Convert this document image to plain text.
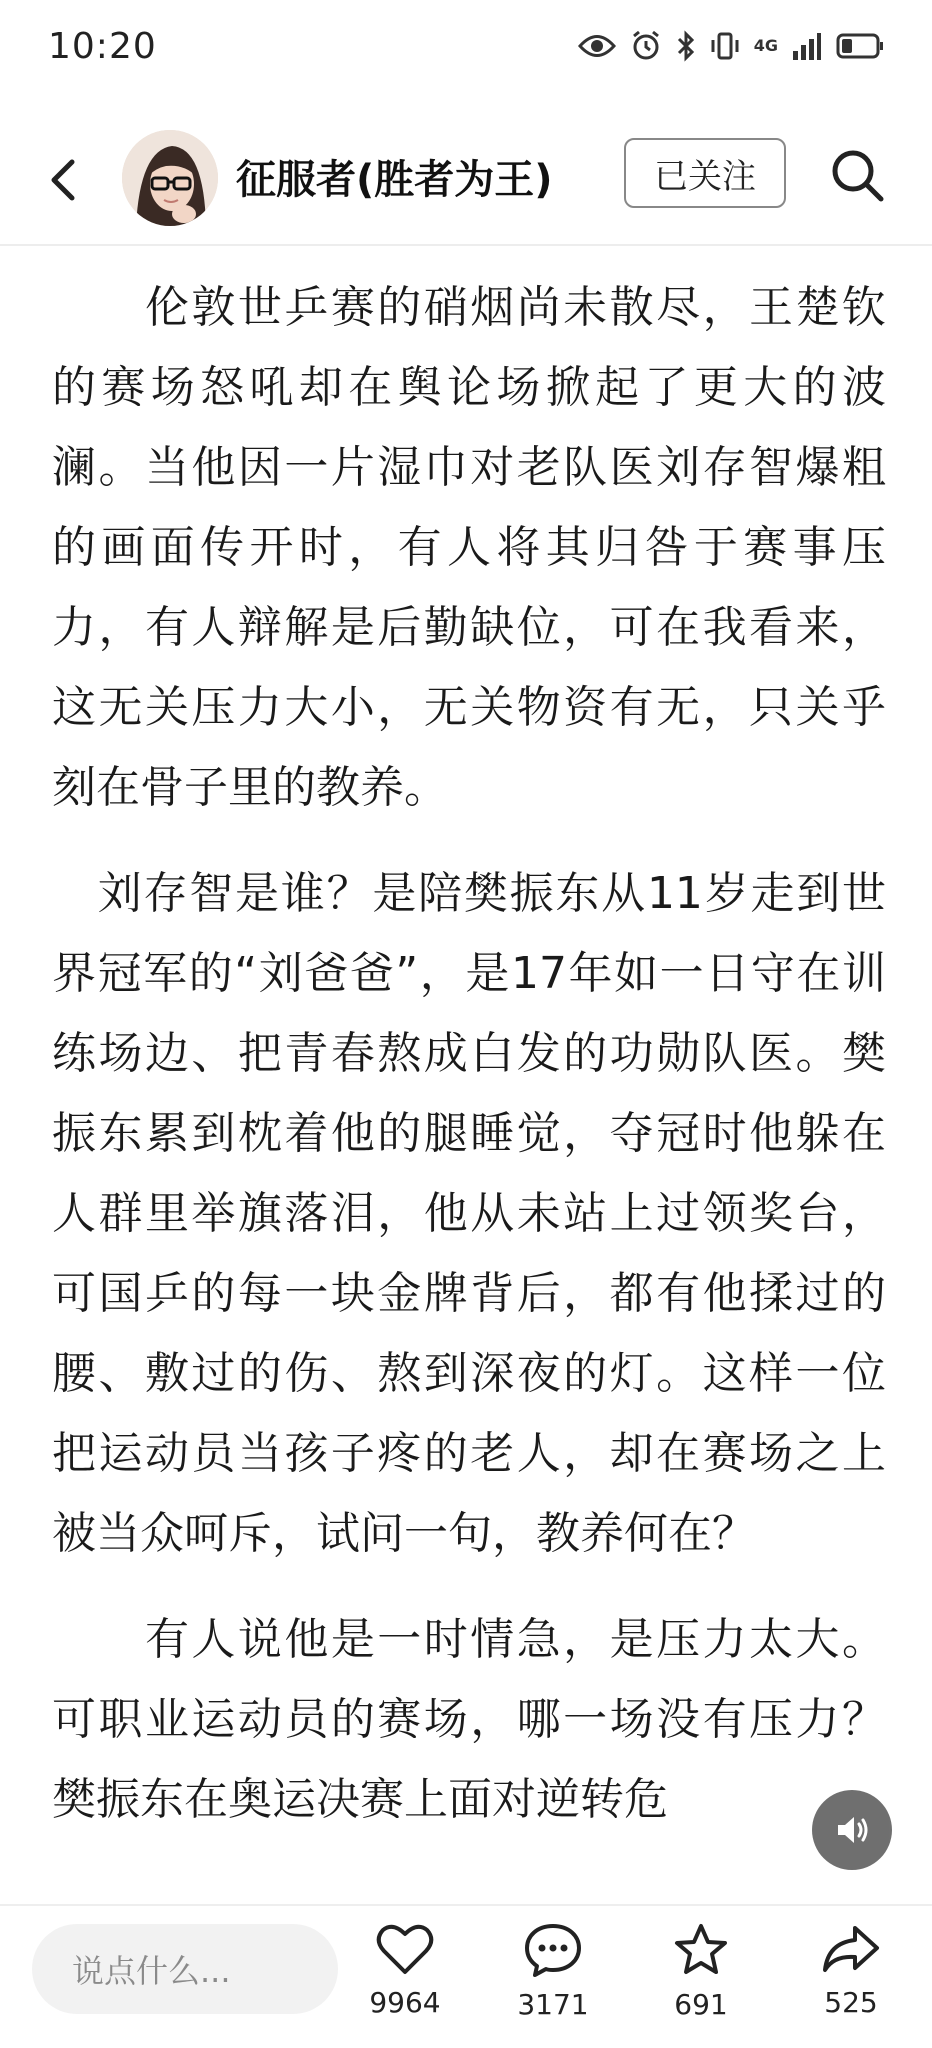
10:20	4G
征服者(胜者为王)	已关注

　　伦敦世乒赛的硝烟尚未散尽，王楚钦的赛场怒吼却在舆论场掀起了更大的波澜。当他因一片湿巾对老队医刘存智爆粗的画面传开时，有人将其归咎于赛事压力，有人辩解是后勤缺位，可在我看来，这无关压力大小，无关物资有无，只关乎刻在骨子里的教养。

　刘存智是谁？是陪樊振东从11岁走到世界冠军的“刘爸爸”，是17年如一日守在训练场边、把青春熬成白发的功勋队医。樊振东累到枕着他的腿睡觉，夺冠时他躲在人群里举旗落泪，他从未站上过领奖台，可国乒的每一块金牌背后，都有他揉过的腰、敷过的伤、熬到深夜的灯。这样一位把运动员当孩子疼的老人，却在赛场之上被当众呵斥，试问一句，教养何在？

　　有人说他是一时情急，是压力太大。可职业运动员的赛场，哪一场没有压力？樊振东在奥运决赛上面对逆转危

说点什么...
9964	3171	691	525
